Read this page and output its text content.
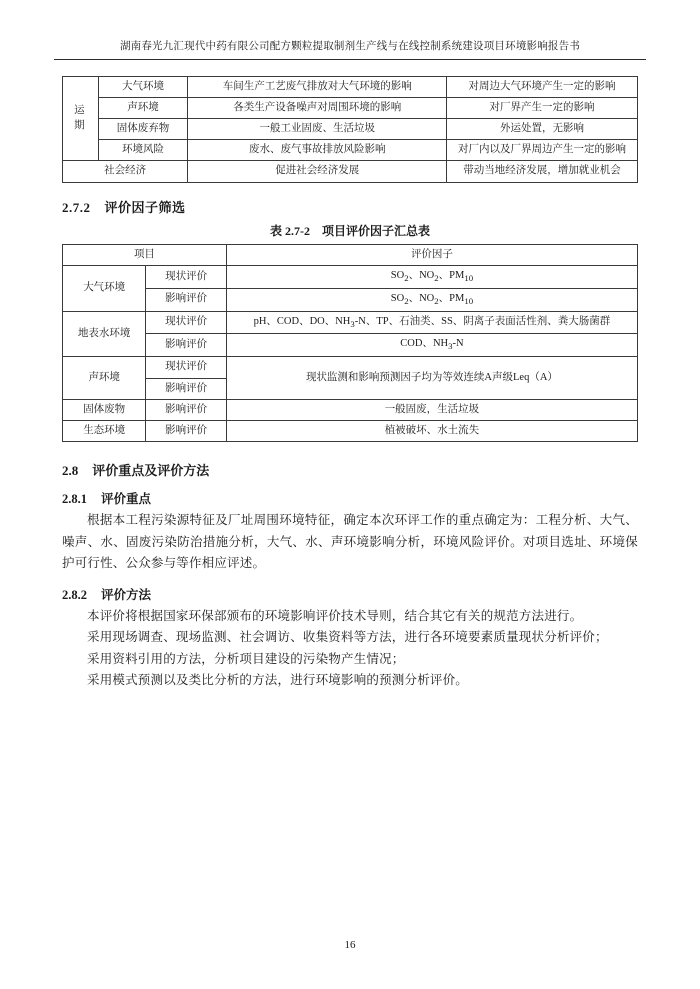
湖南春光九汇现代中药有限公司配方颗粒提取制剂生产线与在线控制系统建设项目环境影响报告书
运
期	大气环境	车间生产工艺废气排放对大气环境的影响	对周边大气环境产生一定的影响
	声环境	各类生产设备噪声对周围环境的影响	对厂界产生一定的影响
	固体废弃物	一般工业固废、生活垃圾	外运处置，无影响
	环境风险	废水、废气事故排放风险影响	对厂内以及厂界周边产生一定的影响
社会经济		促进社会经济发展	带动当地经济发展，增加就业机会
2.7.2 评价因子筛选
表 2.7-2 项目评价因子汇总表
项目		评价因子
大气环境	现状评价	$SO_2$、$NO_2$、$PM_{10}$
	影响评价	$SO_2$、$NO_2$、$PM_{10}$
地表水环境	现状评价	pH、COD、DO、$NH_3-N$、TP、石油类、SS、阴离子表面活性剂、粪大肠菌群
	影响评价	COD、$NH_3-N$
声环境	现状评价	现状监测和影响预测因子均为等效连续A声级Leq（A）
	影响评价	
固体废物	影响评价	一般固废，生活垃圾
生态环境	影响评价	植被破坏、水土流失
2.8 评价重点及评价方法
2.8.1 评价重点

根据本工程污染源特征及厂址周围环境特征，确定本次环评工作的重点确定为：工程分析、大气、噪声、水、固废污染防治措施分析，大气、水、声环境影响分析，环境风险评价。对项目选址、环境保护可行性、公众参与等作相应评述。

2.8.2 评价方法

本评价将根据国家环保部颁布的环境影响评价技术导则，结合其它有关的规范方法进行。

采用现场调查、现场监测、社会调访、收集资料等方法，进行各环境要素质量现状分析评价；

采用资料引用的方法，分析项目建设的污染物产生情况；

采用模式预测以及类比分析的方法，进行环境影响的预测分析评价。

16
